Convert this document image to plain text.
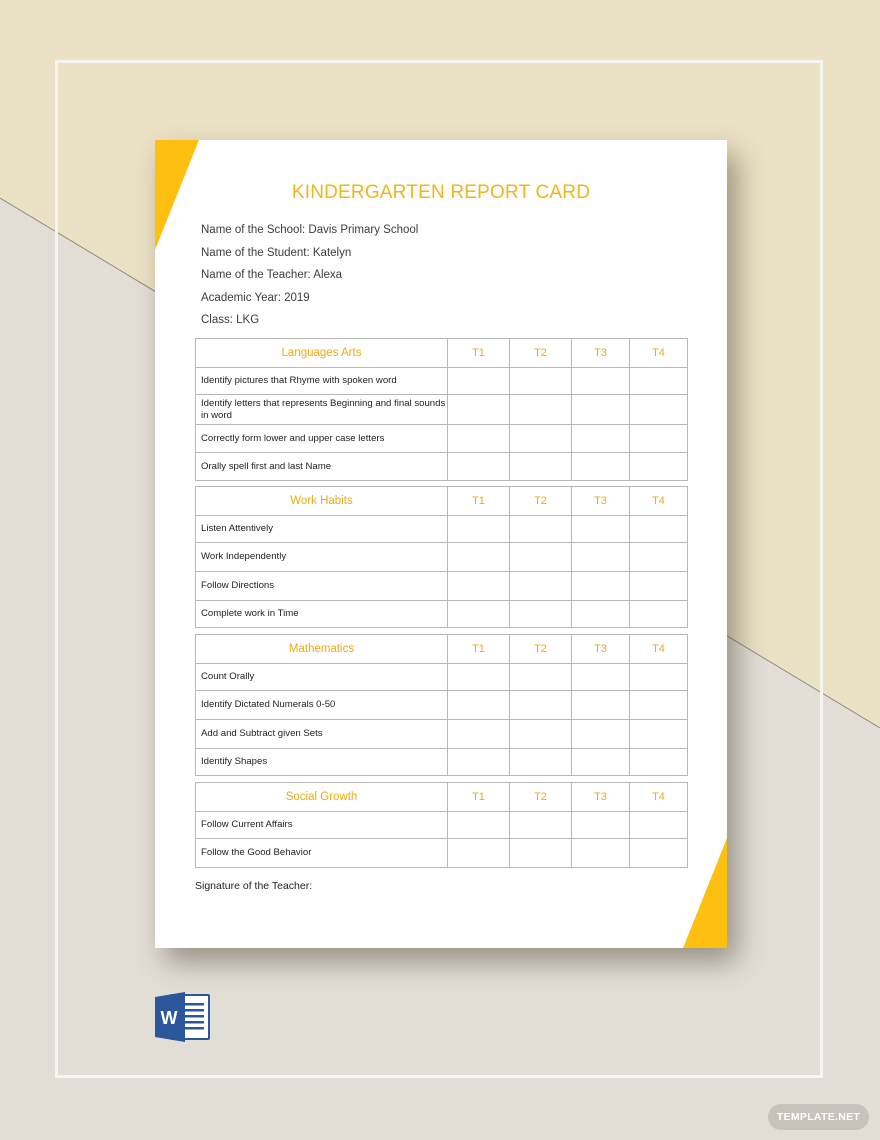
KINDERGARTEN REPORT CARD
Name of the School: Davis Primary School
Name of the Student: Katelyn
Name of the Teacher: Alexa
Academic Year: 2019
Class: LKG
Languages Arts	T1	T2	T3	T4
Identify pictures that Rhyme with spoken word				
Identify letters that represents Beginning and final sounds in word				
Correctly form lower and upper case letters				
Orally spell first and last Name				
Work Habits	T1	T2	T3	T4
Listen Attentively				
Work Independently				
Follow Directions				
Complete work in Time				
Mathematics	T1	T2	T3	T4
Count Orally				
Identify Dictated Numerals 0-50				
Add and Subtract given Sets				
Identify Shapes				
Social Growth	T1	T2	T3	T4
Follow Current Affairs				
Follow the Good Behavior				
Signature of the Teacher:
W
TEMPLATE.NET
